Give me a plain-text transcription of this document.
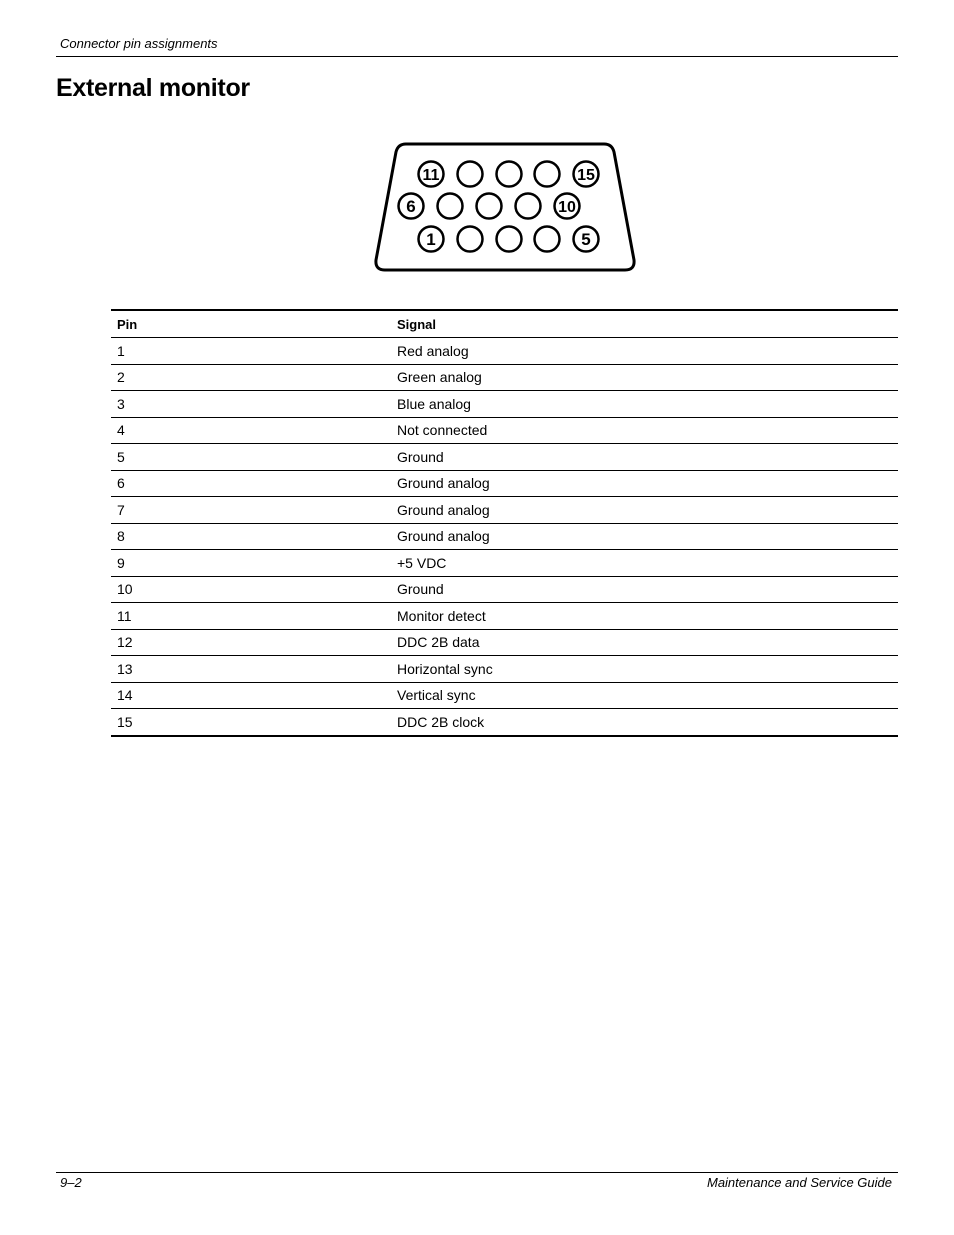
Connector pin assignments
External monitor
11	15
6	10
1	5
Pin	Signal
1	Red analog
2	Green analog
3	Blue analog
4	Not connected
5	Ground
6	Ground analog
7	Ground analog
8	Ground analog
9	+5 VDC
10	Ground
11	Monitor detect
12	DDC 2B data
13	Horizontal sync
14	Vertical sync
15	DDC 2B clock
9–2	Maintenance and Service Guide
